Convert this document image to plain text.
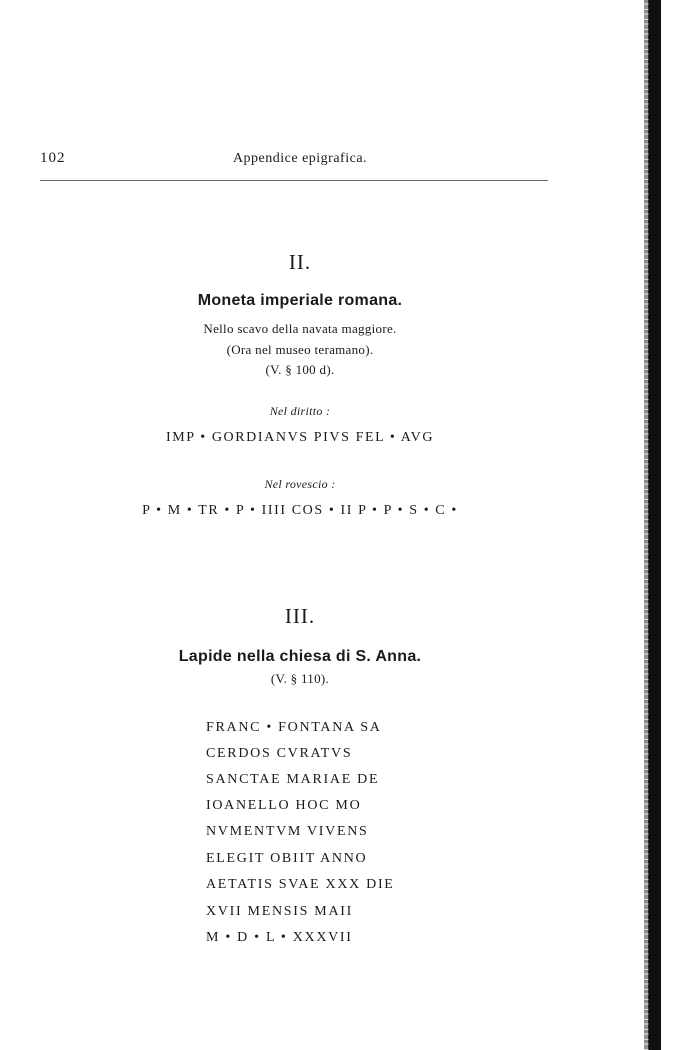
102	Appendice epigrafica.
II.
Moneta imperiale romana.
Nello scavo della navata maggiore.
(Ora nel museo teramano).
(V. § 100 d).
Nel diritto :
IMP • GORDIANVS PIVS FEL • AVG
Nel rovescio :
P • M • TR • P • IIII COS • II P • P • S • C •
III.
Lapide nella chiesa di S. Anna.
(V. § 110).
FRANC • FONTANA SA
CERDOS CVRATVS
SANCTAE MARIAE DE
IOANELLO HOC MO
NVMENTVM VIVENS
ELEGIT OBIIT ANNO
AETATIS SVAE XXX DIE
XVII MENSIS MAII
M • D • L • XXXVII
